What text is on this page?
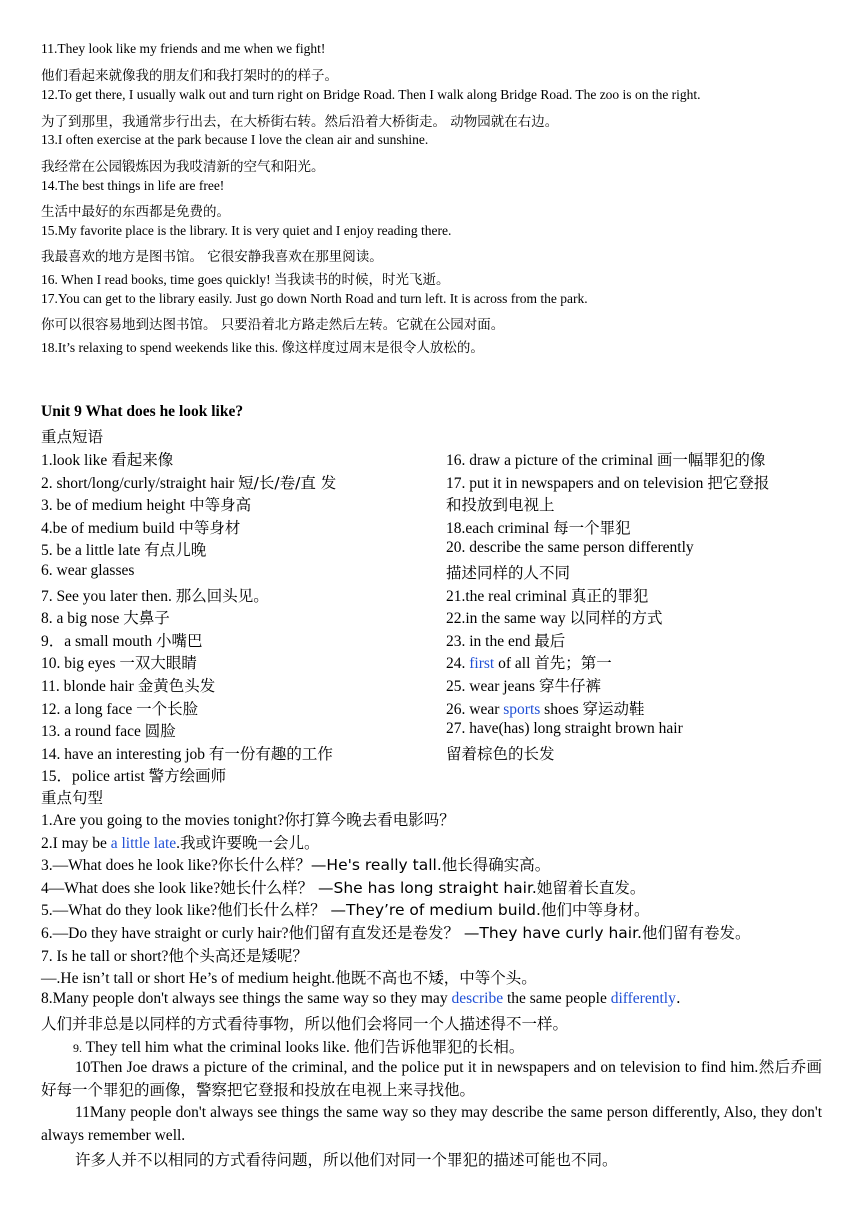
11.They look like my friends and me when we fight!
他们看起来就像我的朋友们和我打架时的的样子。
12.To get there, I usually walk out and turn right on Bridge Road. Then I walk along Bridge Road. The zoo is on the right.
为了到那里，我通常步行出去，在大桥街右转。然后沿着大桥街走。 动物园就在右边。
13.I often exercise at the park because I love the clean air and sunshine.
我经常在公园锻炼因为我哎清新的空气和阳光。
14.The best things in life are free!
生活中最好的东西都是免费的。
15.My favorite place is the library. It is very quiet and I enjoy reading there.
我最喜欢的地方是图书馆。 它很安静我喜欢在那里阅读。
16. When I read books, time goes quickly! 当我读书的时候，时光飞逝。
17.You can get to the library easily. Just go down North Road and turn left. It is across from the park.
你可以很容易地到达图书馆。 只要沿着北方路走然后左转。它就在公园对面。
18.It’s relaxing to spend weekends like this. 像这样度过周末是很令人放松的。
Unit 9 What does he look like?
重点短语
1.look like 看起来像
2. short/long/curly/straight hair 短/长/卷/直 发
3. be of medium height 中等身高
4.be of medium build 中等身材
5. be a little late 有点儿晚
6. wear glasses
7. See you later then. 那么回头见。
8. a big nose 大鼻子
9．a small mouth 小嘴巴
10. big eyes 一双大眼睛
11. blonde hair 金黄色头发
12. a long face 一个长脸
13. a round face 圆脸
14. have an interesting job 有一份有趣的工作
15．police artist 警方绘画师
16. draw a picture of the criminal 画一幅罪犯的像
17. put it in newspapers and on television 把它登报
和投放到电视上
18.each criminal 每一个罪犯
20. describe the same person differently
描述同样的人不同
21.the real criminal 真正的罪犯
22.in the same way 以同样的方式
23. in the end 最后
24. first of all 首先；第一
25. wear jeans 穿牛仔裤
26. wear sports shoes 穿运动鞋
27. have(has) long straight brown hair
留着棕色的长发
重点句型
1.Are you going to the movies tonight?你打算今晚去看电影吗？
2.I may be a little late.我或许要晚一会儿。
3.—What does he look like?你长什么样？—He's really tall.他长得确实高。
4—What does she look like?她长什么样？ —She has long straight hair.她留着长直发。
5.—What do they look like?他们长什么样？ —They’re of medium build.他们中等身材。
6.—Do they have straight or curly hair?他们留有直发还是卷发？ —They have curly hair.他们留有卷发。
7. Is he tall or short?他个头高还是矮呢？
—.He isn’t tall or short He’s of medium height.他既不高也不矮，中等个头。
8.Many people don't always see things the same way so they may describe the same people differently.
人们并非总是以同样的方式看待事物，所以他们会将同一个人描述得不一样。
9. They tell him what the criminal looks like. 他们告诉他罪犯的长相。
10Then Joe draws a picture of the criminal, and the police put it in newspapers and on television to find him.然后乔画好每一个罪犯的画像，警察把它登报和投放在电视上来寻找他。
11Many people don't always see things the same way so they may describe the same person differently, Also, they don't always remember well.
许多人并不以相同的方式看待问题，所以他们对同一个罪犯的描述可能也不同。
